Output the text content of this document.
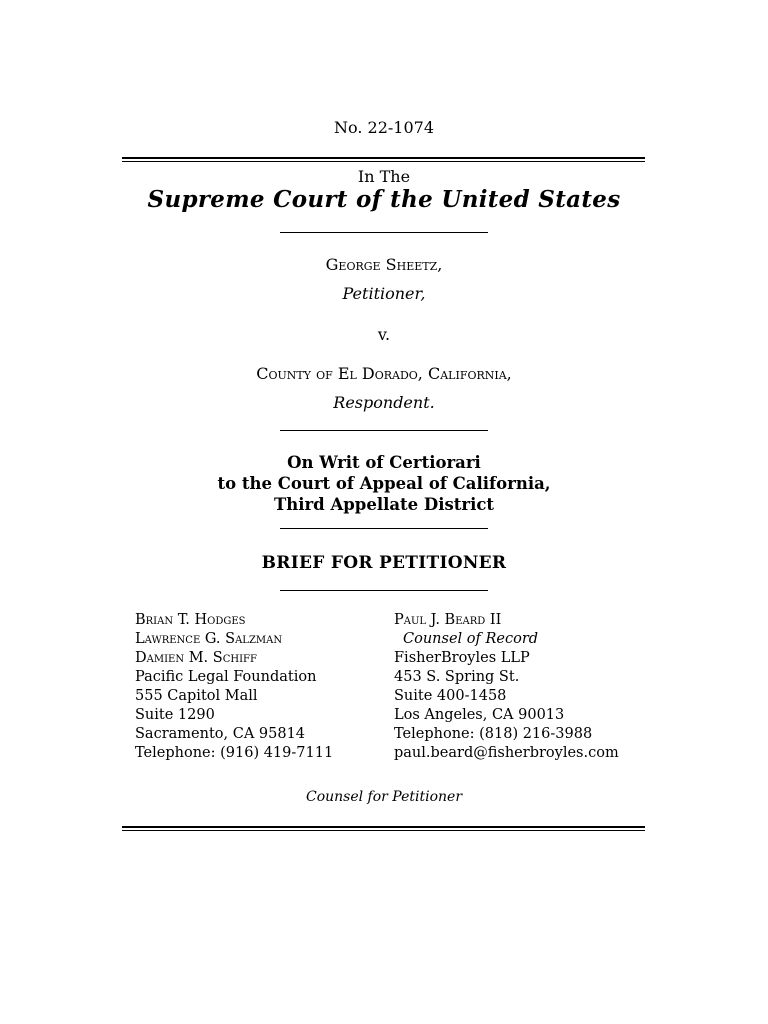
No. 22-1074
In The
Supreme Court of the United States
George Sheetz,
Petitioner,
v.
County of El Dorado, California,
Respondent.
On Writ of Certiorari
to the Court of Appeal of California,
Third Appellate District
BRIEF FOR PETITIONER
Brian T. Hodges
Lawrence G. Salzman
Damien M. Schiff
Pacific Legal Foundation
555 Capitol Mall
Suite 1290
Sacramento, CA 95814
Telephone: (916) 419-7111
Paul J. Beard II
Counsel of Record
FisherBroyles LLP
453 S. Spring St.
Suite 400-1458
Los Angeles, CA 90013
Telephone: (818) 216-3988
paul.beard@fisherbroyles.com
Counsel for Petitioner
